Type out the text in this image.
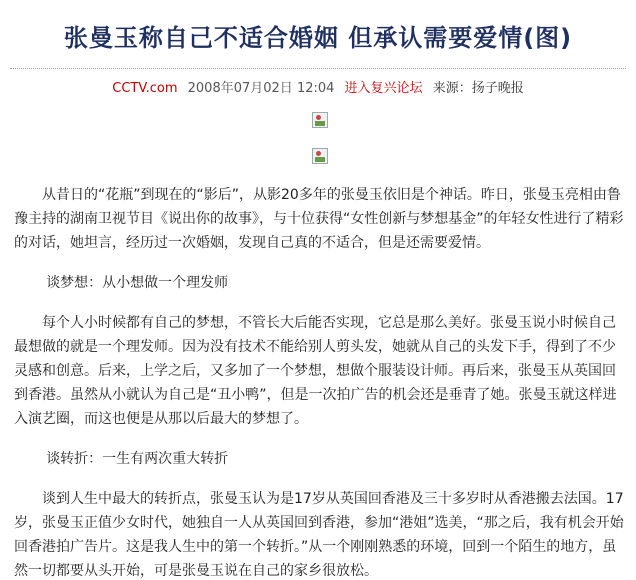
张曼玉称自己不适合婚姻 但承认需要爱情(图)
CCTV.com 2008年07月02日 12:04 进入复兴论坛 来源：扬子晚报

从昔日的“花瓶”到现在的“影后”，从影20多年的张曼玉依旧是个神话。昨日，张曼玉亮相由鲁豫主持的湖南卫视节目《说出你的故事》，与十位获得“女性创新与梦想基金”的年轻女性进行了精彩的对话，她坦言，经历过一次婚姻，发现自己真的不适合，但是还需要爱情。

谈梦想：从小想做一个理发师

每个人小时候都有自己的梦想，不管长大后能否实现，它总是那么美好。张曼玉说小时候自己最想做的就是一个理发师。因为没有技术不能给别人剪头发，她就从自己的头发下手，得到了不少灵感和创意。后来，上学之后，又多加了一个梦想，想做个服装设计师。再后来，张曼玉从英国回到香港。虽然从小就认为自己是“丑小鸭”，但是一次拍广告的机会还是垂青了她。张曼玉就这样进入演艺圈，而这也便是从那以后最大的梦想了。

谈转折：一生有两次重大转折

谈到人生中最大的转折点，张曼玉认为是17岁从英国回香港及三十多岁时从香港搬去法国。17岁，张曼玉正值少女时代，她独自一人从英国回到香港，参加“港姐”选美，“那之后，我有机会开始回香港拍广告片。这是我人生中的第一个转折。”从一个刚刚熟悉的环境，回到一个陌生的地方，虽然一切都要从头开始，可是张曼玉说在自己的家乡很放松。
